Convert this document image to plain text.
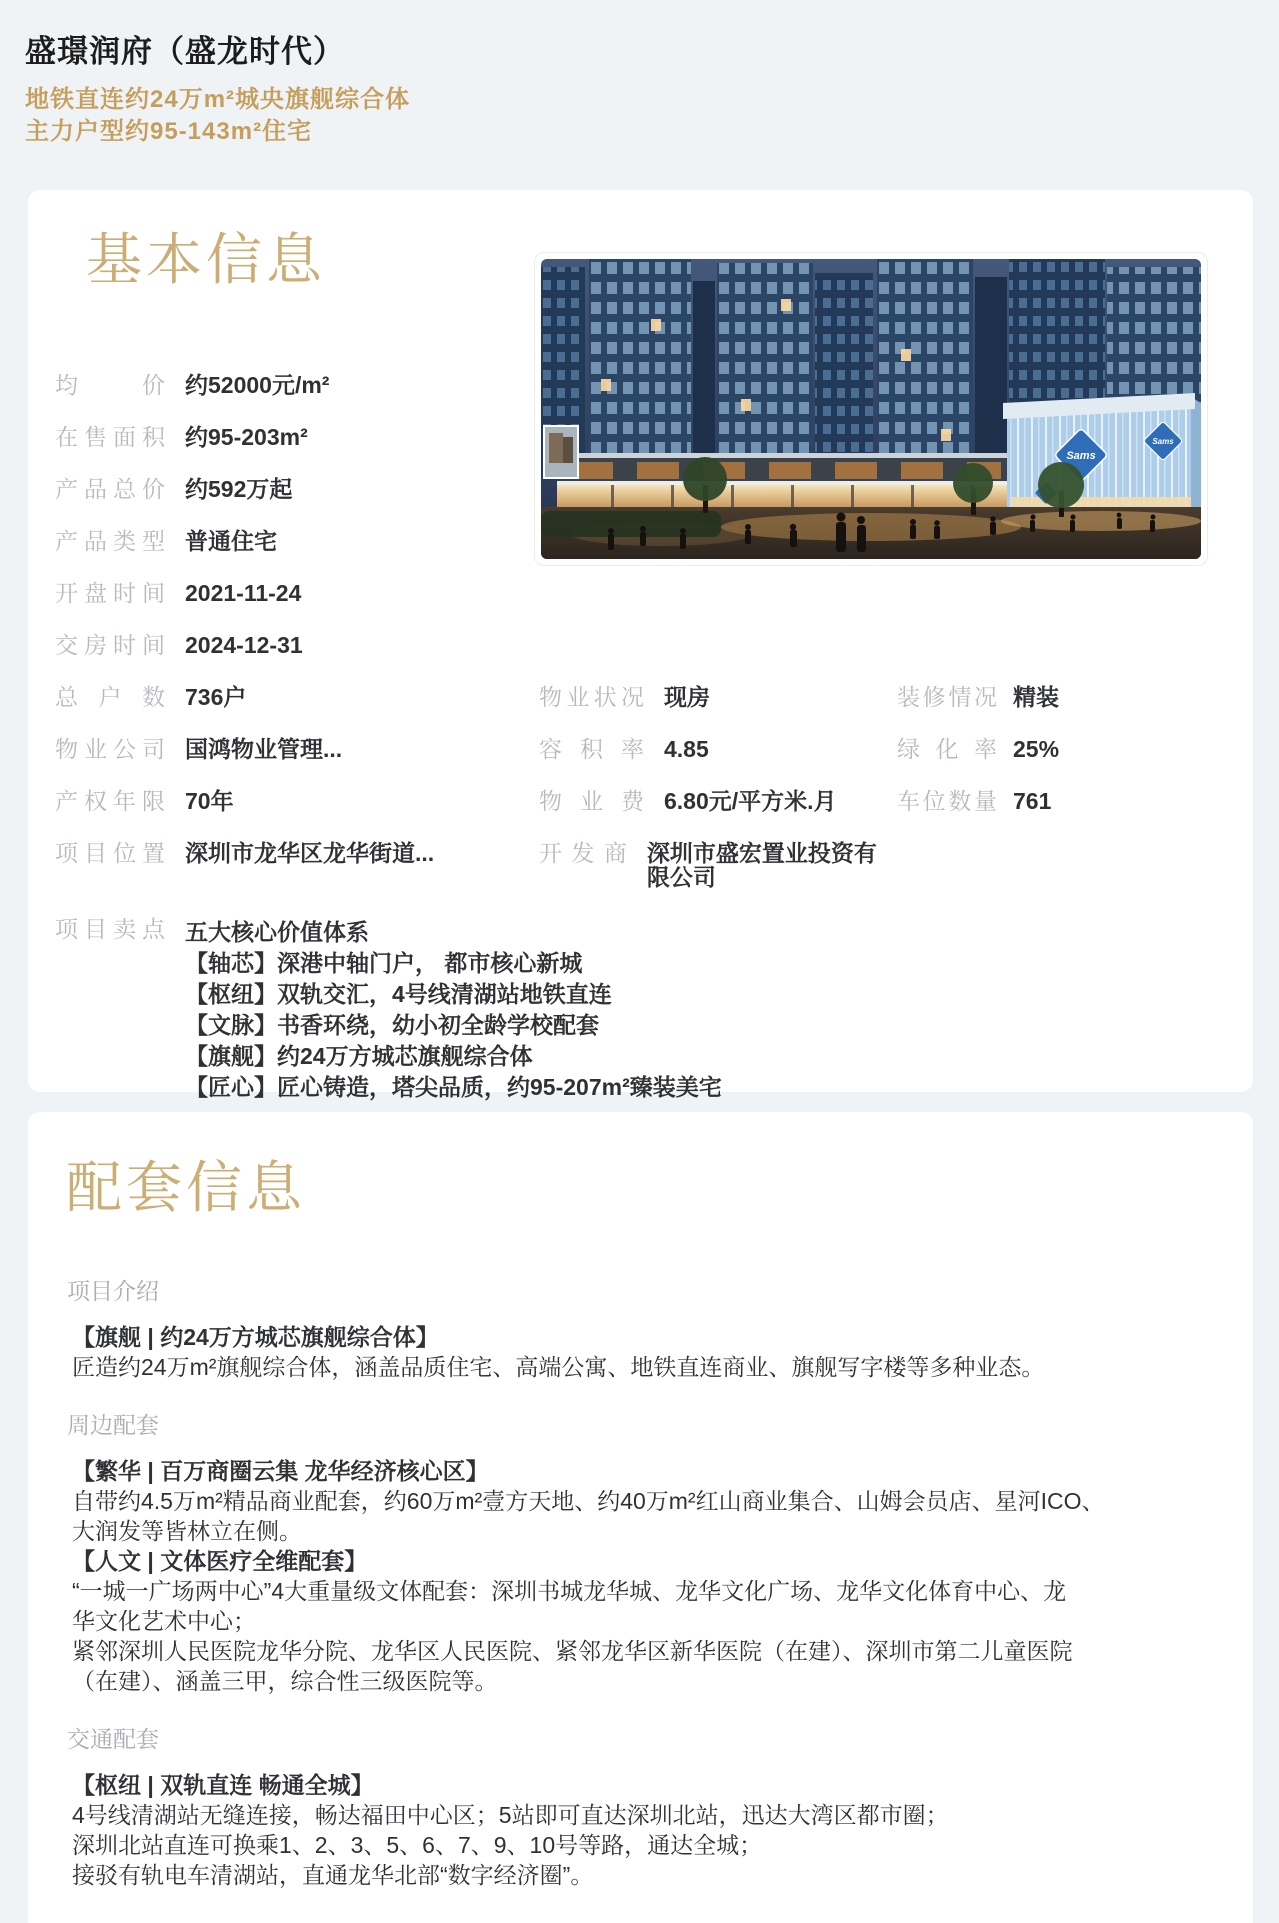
盛璟润府（盛龙时代）
地铁直连约24万m²城央旗舰综合体
主力户型约95-143m²住宅
基本信息
Sams
Sams
均价 约52000元/m²
在售面积 约95-203m²
产品总价 约592万起
产品类型 普通住宅
开盘时间 2021-11-24
交房时间 2024-12-31
总户数 736户	物业状况 现房	装修情况 精装
物业公司 国鸿物业管理...	容积率 4.85	绿化率 25%
产权年限 70年	物业费 6.80元/平方米.月	车位数量 761
项目位置 深圳市龙华区龙华街道...	开发商 深圳市盛宏置业投资有限公司
项目卖点 五大核心价值体系
【轴芯】深港中轴门户， 都市核心新城
【枢纽】双轨交汇，4号线清湖站地铁直连
【文脉】书香环绕，幼小初全龄学校配套
【旗舰】约24万方城芯旗舰综合体
【匠心】匠心铸造，塔尖品质，约95-207m²臻装美宅
配套信息
项目介绍
【旗舰 | 约24万方城芯旗舰综合体】
匠造约24万m²旗舰综合体，涵盖品质住宅、高端公寓、地铁直连商业、旗舰写字楼等多种业态。
周边配套
【繁华 | 百万商圈云集 龙华经济核心区】
自带约4.5万m²精品商业配套，约60万m²壹方天地、约40万m²红山商业集合、山姆会员店、星河ICO、
大润发等皆林立在侧。
【人文 | 文体医疗全维配套】
“一城一广场两中心”4大重量级文体配套：深圳书城龙华城、龙华文化广场、龙华文化体育中心、龙
华文化艺术中心；
紧邻深圳人民医院龙华分院、龙华区人民医院、紧邻龙华区新华医院（在建）、深圳市第二儿童医院
（在建）、涵盖三甲，综合性三级医院等。
交通配套
【枢纽 | 双轨直连 畅通全城】
4号线清湖站无缝连接，畅达福田中心区；5站即可直达深圳北站，迅达大湾区都市圈；
深圳北站直连可换乘1、2、3、5、6、7、9、10号等路，通达全城；
接驳有轨电车清湖站，直通龙华北部“数字经济圈”。
